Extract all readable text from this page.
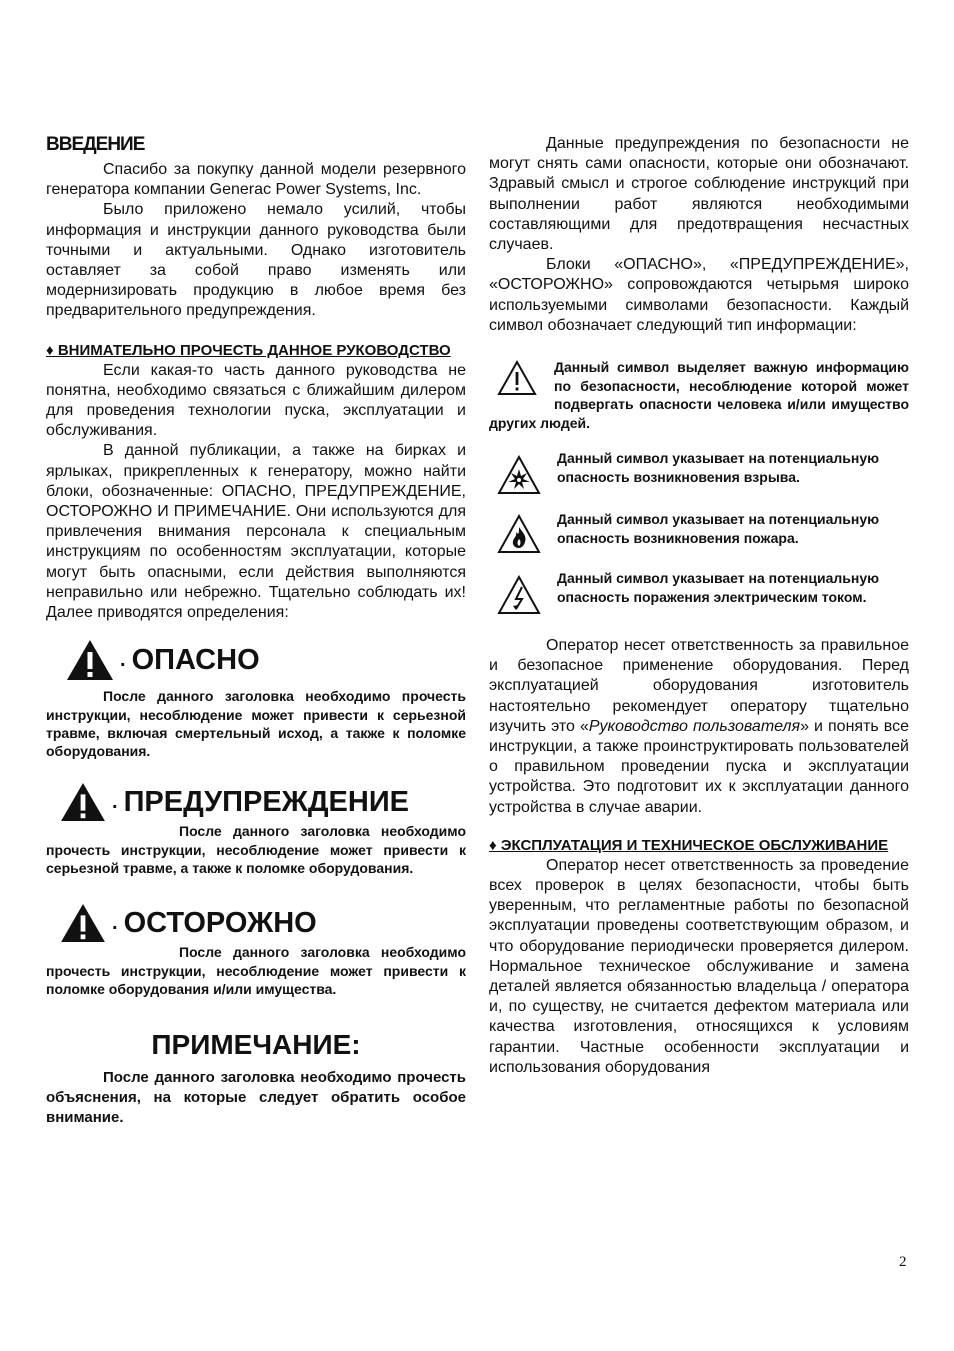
ВВЕДЕНИЕ

Спасибо за покупку данной модели резервного генератора компании Generac Power Systems, Inc.

Было приложено немало усилий, чтобы информация и инструкции данного руководства были точными и актуальными. Однако изготовитель оставляет за собой право изменять или модернизировать продукцию в любое время без предварительного предупреждения.

♦ ВНИМАТЕЛЬНО ПРОЧЕСТЬ ДАННОЕ РУКОВОДСТВО

Если какая-то часть данного руководства не понятна, необходимо связаться с ближайшим дилером для проведения технологии пуска, эксплуатации и обслуживания.

В данной публикации, а также на бирках и ярлыках, прикрепленных к генератору, можно найти блоки, обозначенные: ОПАСНО, ПРЕДУПРЕЖДЕНИЕ, ОСТОРОЖНО И ПРИМЕЧАНИЕ. Они используются для привлечения внимания персонала к специальным инструкциям по особенностям эксплуатации, которые могут быть опасными, если действия выполняются неправильно или небрежно. Тщательно соблюдать их! Далее приводятся определения:

. ОПАСНО

После данного заголовка необходимо прочесть инструкции, несоблюдение может привести к серьезной травме, включая смертельный исход, а также к поломке оборудования.

. ПРЕДУПРЕЖДЕНИЕ

После данного заголовка необходимо прочесть инструкции, несоблюдение может привести к серьезной травме, а также к поломке оборудования.

. ОСТОРОЖНО

После данного заголовка необходимо прочесть инструкции, несоблюдение может привести к поломке оборудования и/или имущества.

ПРИМЕЧАНИЕ:

После данного заголовка необходимо прочесть объяснения, на которые следует обратить особое внимание.

Данные предупреждения по безопасности не могут снять сами опасности, которые они обозначают. Здравый смысл и строгое соблюдение инструкций при выполнении работ являются необходимыми составляющими для предотвращения несчастных случаев.

Блоки «ОПАСНО», «ПРЕДУПРЕЖДЕНИЕ», «ОСТОРОЖНО» сопровождаются четырьмя широко используемыми символами безопасности. Каждый символ обозначает следующий тип информации:

Данный символ выделяет важную информацию по безопасности, несоблюдение которой может подвергать опасности человека и/или имущество других людей.

Данный символ указывает на потенциальную опасность возникновения взрыва.
Данный символ указывает на потенциальную опасность возникновения пожара.
Данный символ указывает на потенциальную опасность поражения электрическим током.

Оператор несет ответственность за правильное и безопасное применение оборудования. Перед эксплуатацией оборудования изготовитель настоятельно рекомендует оператору тщательно изучить это «Руководство пользователя» и понять все инструкции, а также проинструктировать пользователей о правильном проведении пуска и эксплуатации устройства. Это подготовит их к эксплуатации данного устройства в случае аварии.

♦ ЭКСПЛУАТАЦИЯ И ТЕХНИЧЕСКОЕ ОБСЛУЖИВАНИЕ

Оператор несет ответственность за проведение всех проверок в целях безопасности, чтобы быть уверенным, что регламентные работы по безопасной эксплуатации проведены соответствующим образом, и что оборудование периодически проверяется дилером. Нормальное техническое обслуживание и замена деталей является обязанностью владельца / оператора и, по существу, не считается дефектом материала или качества изготовления, относящихся к условиям гарантии. Частные особенности эксплуатации и использования оборудования

2
